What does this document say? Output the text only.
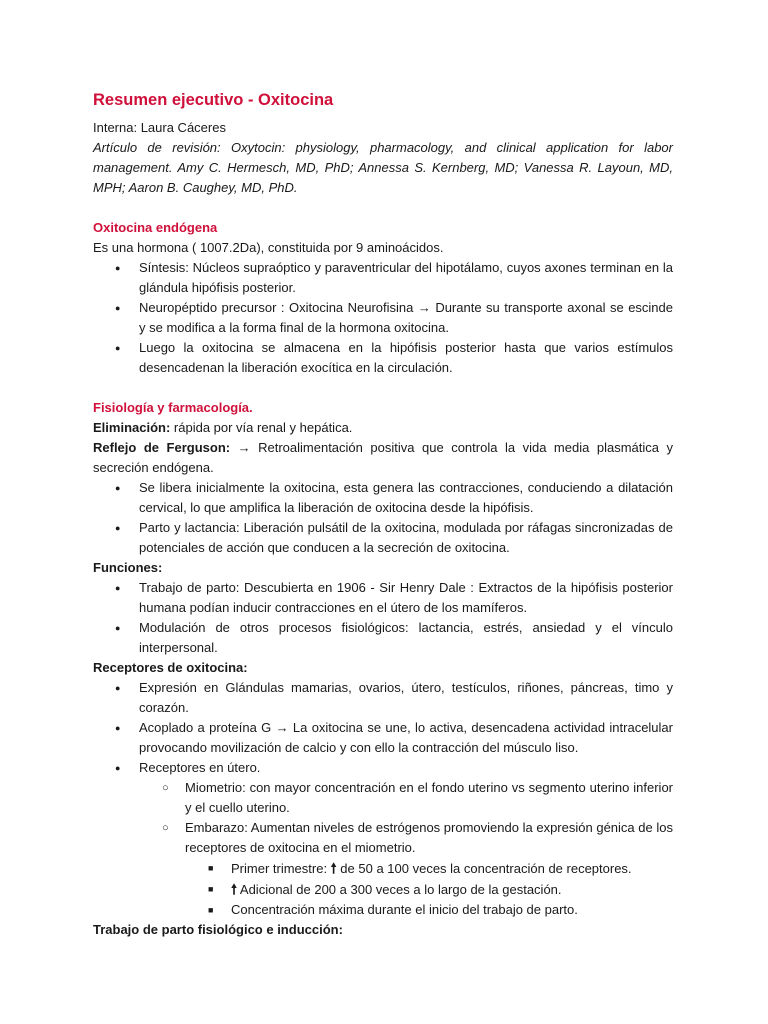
Resumen ejecutivo - Oxitocina

Interna: Laura Cáceres

Artículo de revisión: Oxytocin: physiology, pharmacology, and clinical application for labor management. Amy C. Hermesch, MD, PhD; Annessa S. Kernberg, MD; Vanessa R. Layoun, MD, MPH; Aaron B. Caughey, MD, PhD.

Oxitocina endógena

Es una hormona ( 1007.2Da), constituida por 9 aminoácidos.

● Síntesis: Núcleos supraóptico y paraventricular del hipotálamo, cuyos axones terminan en la glándula hipófisis posterior.
● Neuropéptido precursor : Oxitocina Neurofisina → Durante su transporte axonal se escinde y se modifica a la forma final de la hormona oxitocina.
● Luego la oxitocina se almacena en la hipófisis posterior hasta que varios estímulos desencadenan la liberación exocítica en la circulación.
Fisiología y farmacología.

Eliminación: rápida por vía renal y hepática.

Reflejo de Ferguson: → Retroalimentación positiva que controla la vida media plasmática y secreción endógena.

● Se libera inicialmente la oxitocina, esta genera las contracciones, conduciendo a dilatación cervical, lo que amplifica la liberación de oxitocina desde la hipófisis.
● Parto y lactancia: Liberación pulsátil de la oxitocina, modulada por ráfagas sincronizadas de potenciales de acción que conducen a la secreción de oxitocina.

Funciones:

● Trabajo de parto: Descubierta en 1906 - Sir Henry Dale : Extractos de la hipófisis posterior humana podían inducir contracciones en el útero de los mamíferos.
● Modulación de otros procesos fisiológicos: lactancia, estrés, ansiedad y el vínculo interpersonal.

Receptores de oxitocina:

● Expresión en Glándulas mamarias, ovarios, útero, testículos, riñones, páncreas, timo y corazón.
● Acoplado a proteína G → La oxitocina se une, lo activa, desencadena actividad intracelular provocando movilización de calcio y con ello la contracción del músculo liso.
● Receptores en útero.
○ Miometrio: con mayor concentración en el fondo uterino vs segmento uterino inferior y el cuello uterino.
○ Embarazo: Aumentan niveles de estrógenos promoviendo la expresión génica de los receptores de oxitocina en el miometrio.
■ Primer trimestre: 🠕 de 50 a 100 veces la concentración de receptores.
■ 🠕 Adicional de 200 a 300 veces a lo largo de la gestación.
■ Concentración máxima durante el inicio del trabajo de parto.

Trabajo de parto fisiológico e inducción:
